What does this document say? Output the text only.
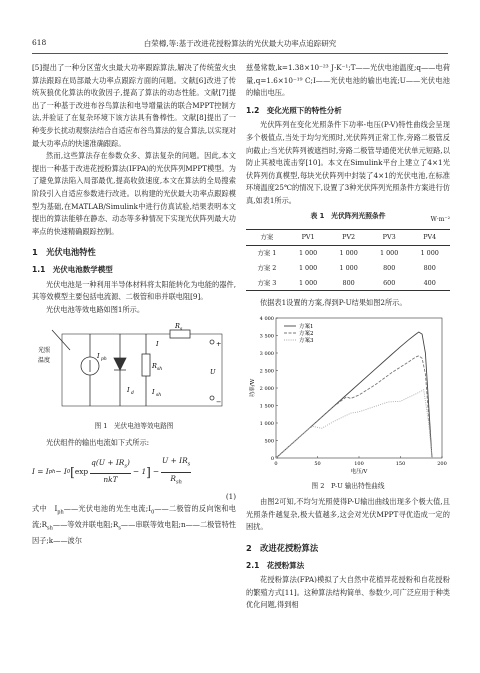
618	白荣樽,等:基于改进花授粉算法的光伏最大功率点追踪研究

[5]提出了一种分区萤火虫最大功率跟踪算法,解决了传统萤火虫算法跟踪在局部最大功率点跟踪方面的问题。文献[6]改进了传统灰狼优化算法的收敛因子,提高了算法的动态性能。文献[7]提出了一种基于改进布谷鸟算法和电导增量法的联合MPPT控制方法,并验证了在复杂环境下该方法具有鲁棒性。文献[8]提出了一种变步长扰动观察法结合自适应布谷鸟算法的复合算法,以实现对最大功率点的快速准确跟踪。

然而,这些算法存在参数众多、算法复杂的问题。因此,本文提出一种基于改进花授粉算法(IFPA)的光伏阵列MPPT模型。为了避免算法陷入局部最优,提高收敛速度,本文在算法的全局搜索阶段引入自适应参数进行改进。以构建的光伏最大功率点跟踪模型为基础,在MATLAB/Simulink中进行仿真试验,结果表明本文提出的算法能够在静态、动态等多种情况下实现光伏阵列最大功率点的快速精确跟踪控制。

1　光伏电池特性
1.1　光伏电池数学模型

光伏电池是一种利用半导体材料将太阳能转化为电能的器件,其等效模型主要包括电流源、二极管和串并联电阻[9]。

光伏电池等效电路如图1所示。

光照
温度
I ph
I d
R sh
I sh
R s
I
U
+
−
图 1　光伏电池等效电路图

光伏组件的输出电流如下式所示:

I = I ph − I 0 [ exp
$q(U + IR_s)$
nkT
− 1 ] −
$U + IR_s$
$R_{sh}$
(1)

式中　$I_{ph}——$光伏电池的光生电流$;I_0——$二极管的反向饱和电流$;R_{sh}——$等效并联电阻$;R_s——$串联等效电阻;n——二极管特性因子;k——波尔

兹曼常数,k=1.38×10⁻²³ J·K⁻¹;T——光伏电池温度;q——电荷量,q=1.6×10⁻¹⁹ C;I——光伏电池的输出电流;U——光伏电池的输出电压。

1.2　变化光照下的特性分析

光伏阵列在变化光照条件下功率-电压(P-V)特性曲线会呈现多个极值点,当处于均匀光照时,光伏阵列正常工作,旁路二极管反向截止;当光伏阵列被遮挡时,旁路二极管导通使光伏单元短路,以防止其被电流击穿[10]。本文在Simulink平台上建立了4×1光伏阵列仿真模型,每块光伏阵列中封装了4×1的光伏电池,在标准环境温度25℃的情况下,设置了3种光伏阵列光照条件方案进行仿真,如表1所示。

表 1　光伏阵列光照条件
W·m⁻²
方案	PV1	PV2	PV3	PV4
方案 1	1 000	1 000	1 000	1 000
方案 2	1 000	1 000	800	800
方案 3	1 000	800	600	400

依据表1设置的方案,得到P-U结果如图2所示。

0
500
1 000
1 500
2 000
2 500
3 000
3 500
4 000
0	50	100	150	200
电压/V
功率/W
方案1
方案2
方案3
图 2　P-U 输出特性曲线

由图2可知,不均匀光照使得P-U输出曲线出现多个极大值,且光照条件越复杂,极大值越多,这会对光伏MPPT寻优造成一定的困扰。

2　改进花授粉算法
2.1　花授粉算法

花授粉算法(FPA)模拟了大自然中花植异花授粉和自花授粉的繁殖方式[11]。这种算法结构简单、参数少,可广泛应用于种类优化问题,得到相
